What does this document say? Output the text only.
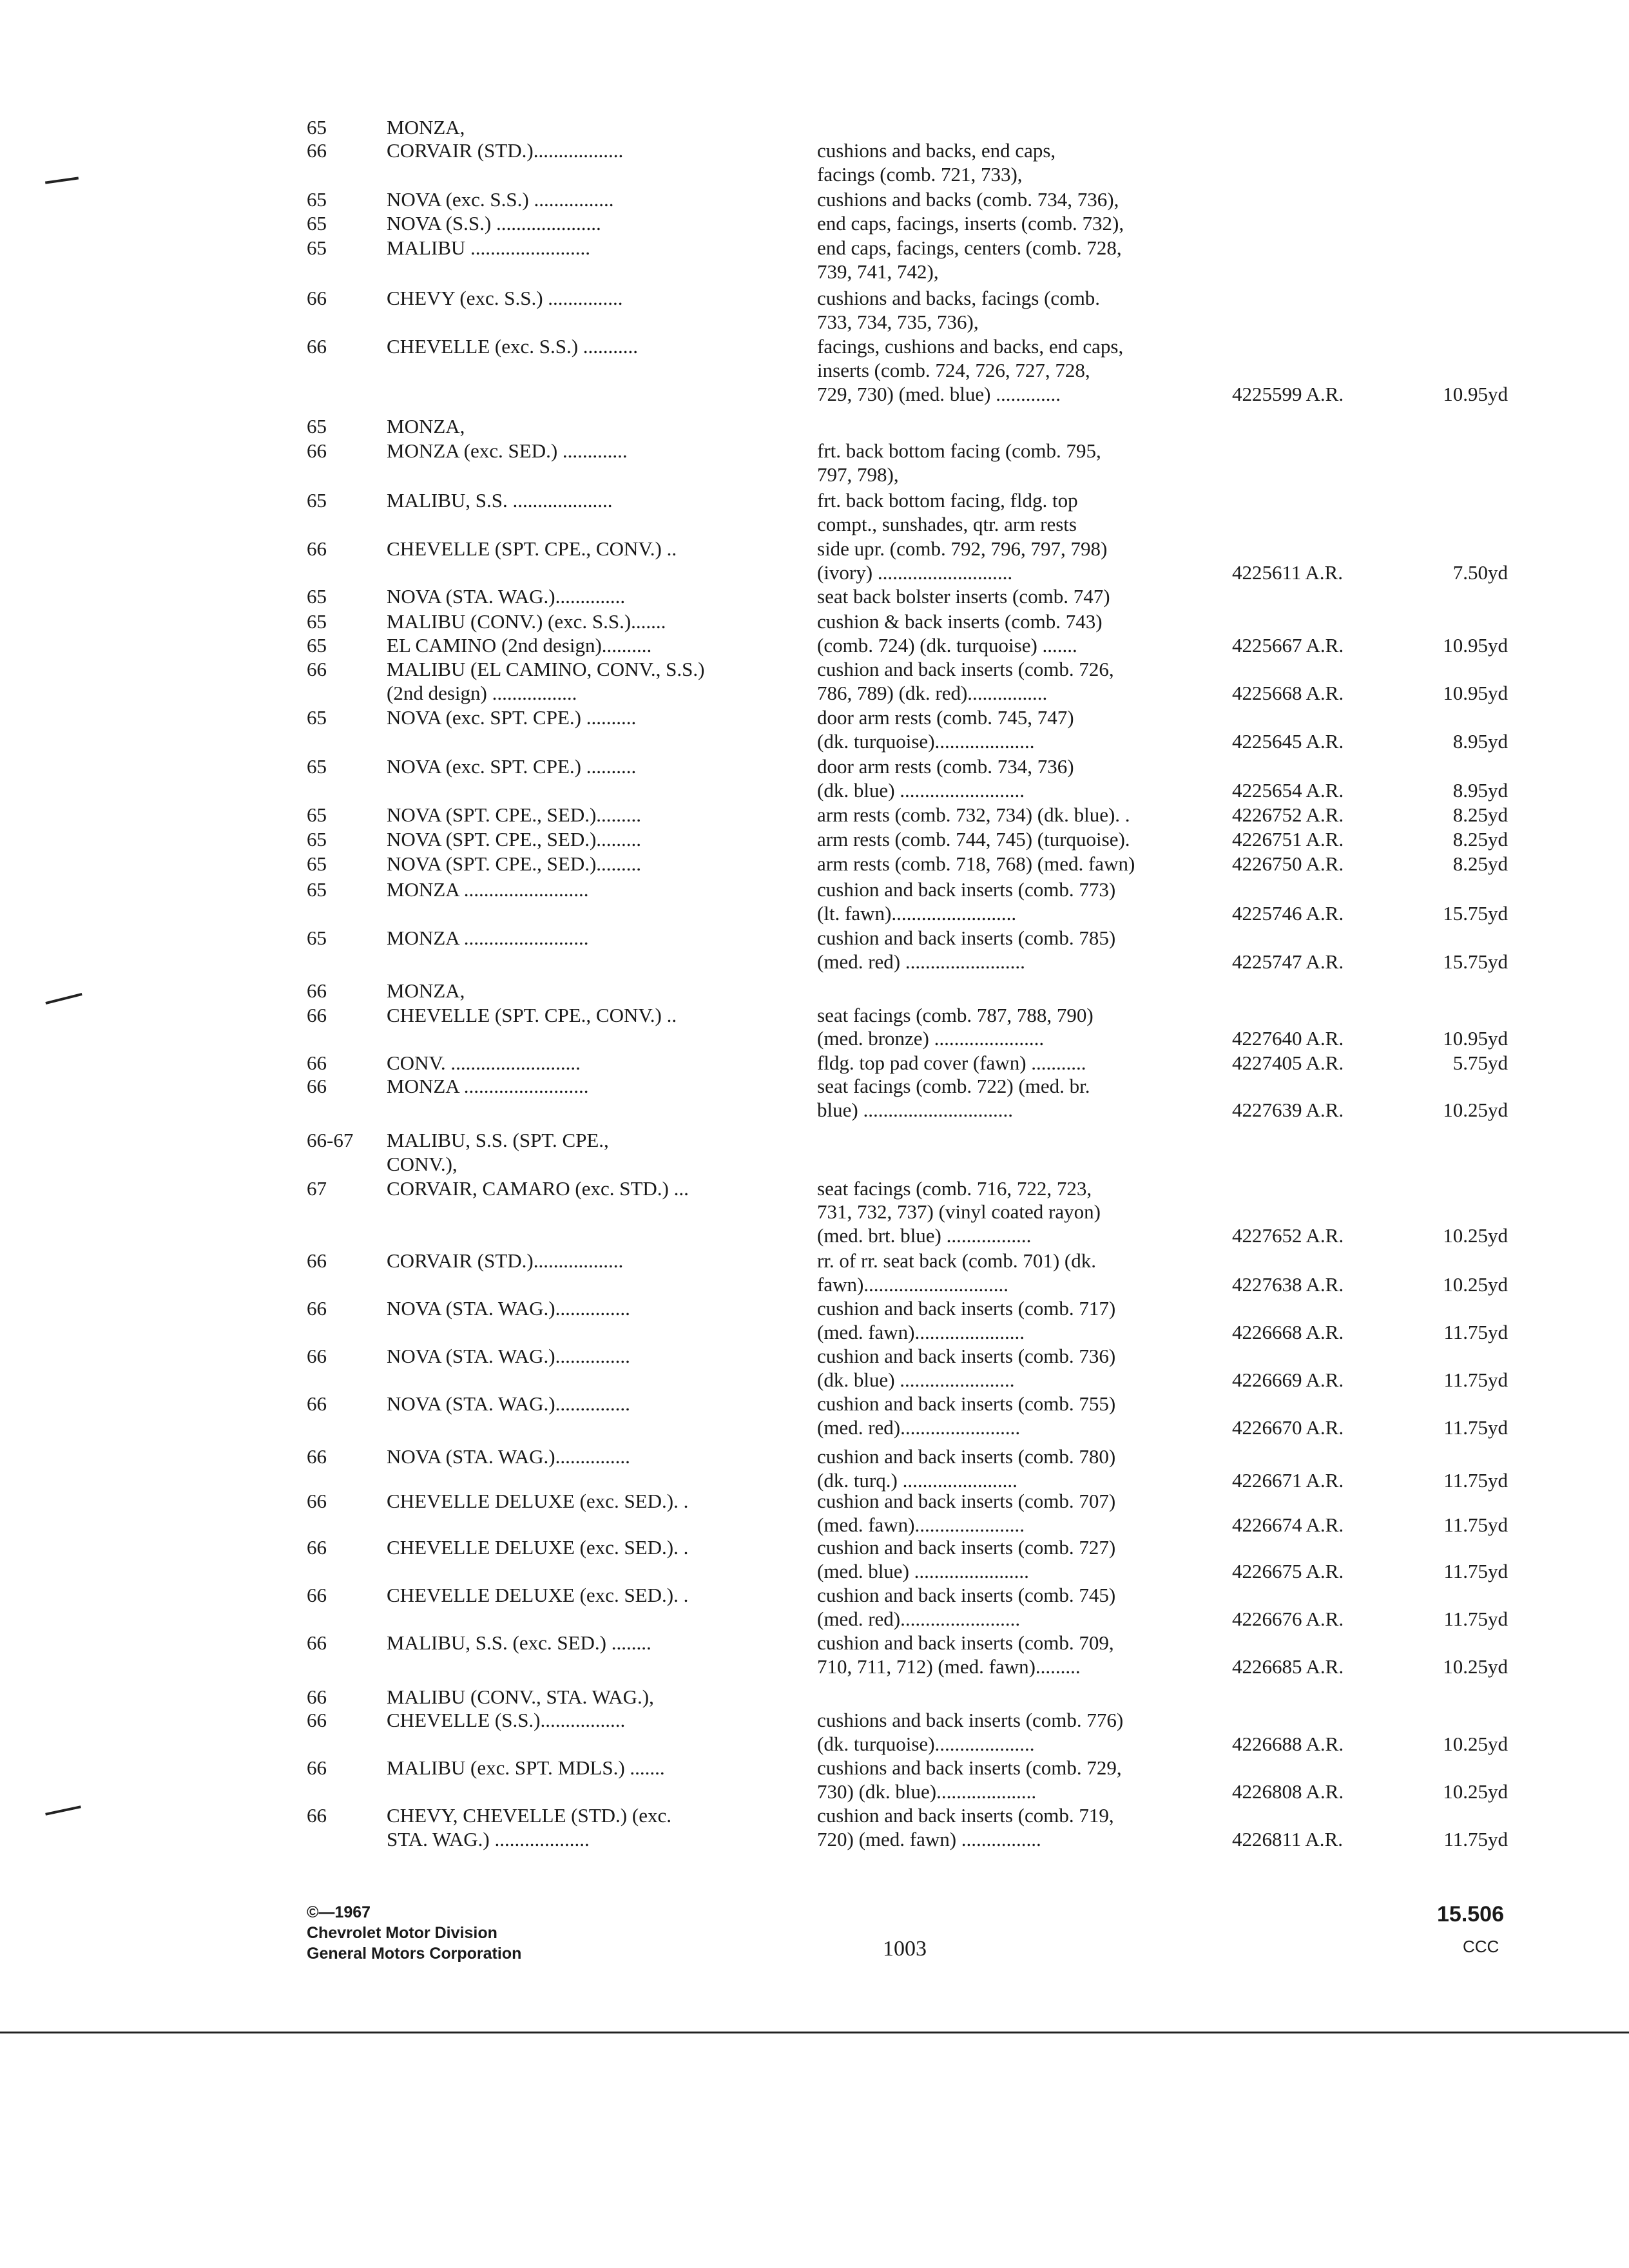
65	MONZA,
66	CORVAIR (STD.)..................	cushions and backs, end caps,
facings (comb. 721, 733),
65	NOVA (exc. S.S.) ................	cushions and backs (comb. 734, 736),
65	NOVA (S.S.) .....................	end caps, facings, inserts (comb. 732),
65	MALIBU ........................	end caps, facings, centers (comb. 728,
739, 741, 742),
66	CHEVY (exc. S.S.) ...............	cushions and backs, facings (comb.
733, 734, 735, 736),
66	CHEVELLE (exc. S.S.) ...........	facings, cushions and backs, end caps,
inserts (comb. 724, 726, 727, 728,
729, 730) (med. blue) .............	4225599 A.R.	10.95yd
65	MONZA,
66	MONZA (exc. SED.) .............	frt. back bottom facing (comb. 795,
797, 798),
65	MALIBU, S.S. ....................	frt. back bottom facing, fldg. top
compt., sunshades, qtr. arm rests
66	CHEVELLE (SPT. CPE., CONV.) ..	side upr. (comb. 792, 796, 797, 798)
(ivory) ...........................	4225611 A.R.	7.50yd
65	NOVA (STA. WAG.)..............	seat back bolster inserts (comb. 747)
65	MALIBU (CONV.) (exc. S.S.).......	cushion & back inserts (comb. 743)
65	EL CAMINO (2nd design)..........	(comb. 724) (dk. turquoise) .......	4225667 A.R.	10.95yd
66	MALIBU (EL CAMINO, CONV., S.S.)	cushion and back inserts (comb. 726,
(2nd design) .................	786, 789) (dk. red)................	4225668 A.R.	10.95yd
65	NOVA (exc. SPT. CPE.) ..........	door arm rests (comb. 745, 747)
(dk. turquoise)....................	4225645 A.R.	8.95yd
65	NOVA (exc. SPT. CPE.) ..........	door arm rests (comb. 734, 736)
(dk. blue) .........................	4225654 A.R.	8.95yd
65	NOVA (SPT. CPE., SED.).........	arm rests (comb. 732, 734) (dk. blue). .	4226752 A.R.	8.25yd
65	NOVA (SPT. CPE., SED.).........	arm rests (comb. 744, 745) (turquoise).	4226751 A.R.	8.25yd
65	NOVA (SPT. CPE., SED.).........	arm rests (comb. 718, 768) (med. fawn)	4226750 A.R.	8.25yd
65	MONZA .........................	cushion and back inserts (comb. 773)
(lt. fawn).........................	4225746 A.R.	15.75yd
65	MONZA .........................	cushion and back inserts (comb. 785)
(med. red) ........................	4225747 A.R.	15.75yd
66	MONZA,
66	CHEVELLE (SPT. CPE., CONV.) ..	seat facings (comb. 787, 788, 790)
(med. bronze) ......................	4227640 A.R.	10.95yd
66	CONV. ..........................	fldg. top pad cover (fawn) ...........	4227405 A.R.	5.75yd
66	MONZA .........................	seat facings (comb. 722) (med. br.
blue) ..............................	4227639 A.R.	10.25yd
66-67 MALIBU, S.S. (SPT. CPE.,
CONV.),
67	CORVAIR, CAMARO (exc. STD.) ...	seat facings (comb. 716, 722, 723,
731, 732, 737) (vinyl coated rayon)
(med. brt. blue) .................	4227652 A.R.	10.25yd
66	CORVAIR (STD.)..................	rr. of rr. seat back (comb. 701) (dk.
fawn).............................	4227638 A.R.	10.25yd
66	NOVA (STA. WAG.)...............	cushion and back inserts (comb. 717)
(med. fawn)......................	4226668 A.R.	11.75yd
66	NOVA (STA. WAG.)...............	cushion and back inserts (comb. 736)
(dk. blue) .......................	4226669 A.R.	11.75yd
66	NOVA (STA. WAG.)...............	cushion and back inserts (comb. 755)
(med. red)........................	4226670 A.R.	11.75yd
66	NOVA (STA. WAG.)...............	cushion and back inserts (comb. 780)
(dk. turq.) .......................	4226671 A.R.	11.75yd
66	CHEVELLE DELUXE (exc. SED.). .	cushion and back inserts (comb. 707)
(med. fawn)......................	4226674 A.R.	11.75yd
66	CHEVELLE DELUXE (exc. SED.). .	cushion and back inserts (comb. 727)
(med. blue) .......................	4226675 A.R.	11.75yd
66	CHEVELLE DELUXE (exc. SED.). .	cushion and back inserts (comb. 745)
(med. red)........................	4226676 A.R.	11.75yd
66	MALIBU, S.S. (exc. SED.) ........	cushion and back inserts (comb. 709,
710, 711, 712) (med. fawn).........	4226685 A.R.	10.25yd
66	MALIBU (CONV., STA. WAG.),
66	CHEVELLE (S.S.).................	cushions and back inserts (comb. 776)
(dk. turquoise)....................	4226688 A.R.	10.25yd
66	MALIBU (exc. SPT. MDLS.) .......	cushions and back inserts (comb. 729,
730) (dk. blue)....................	4226808 A.R.	10.25yd
66	CHEVY, CHEVELLE (STD.) (exc.	cushion and back inserts (comb. 719,
STA. WAG.) ...................	720) (med. fawn) ................	4226811 A.R.	11.75yd
©—1967
Chevrolet Motor Division
General Motors Corporation	1003
15.506
CCC
